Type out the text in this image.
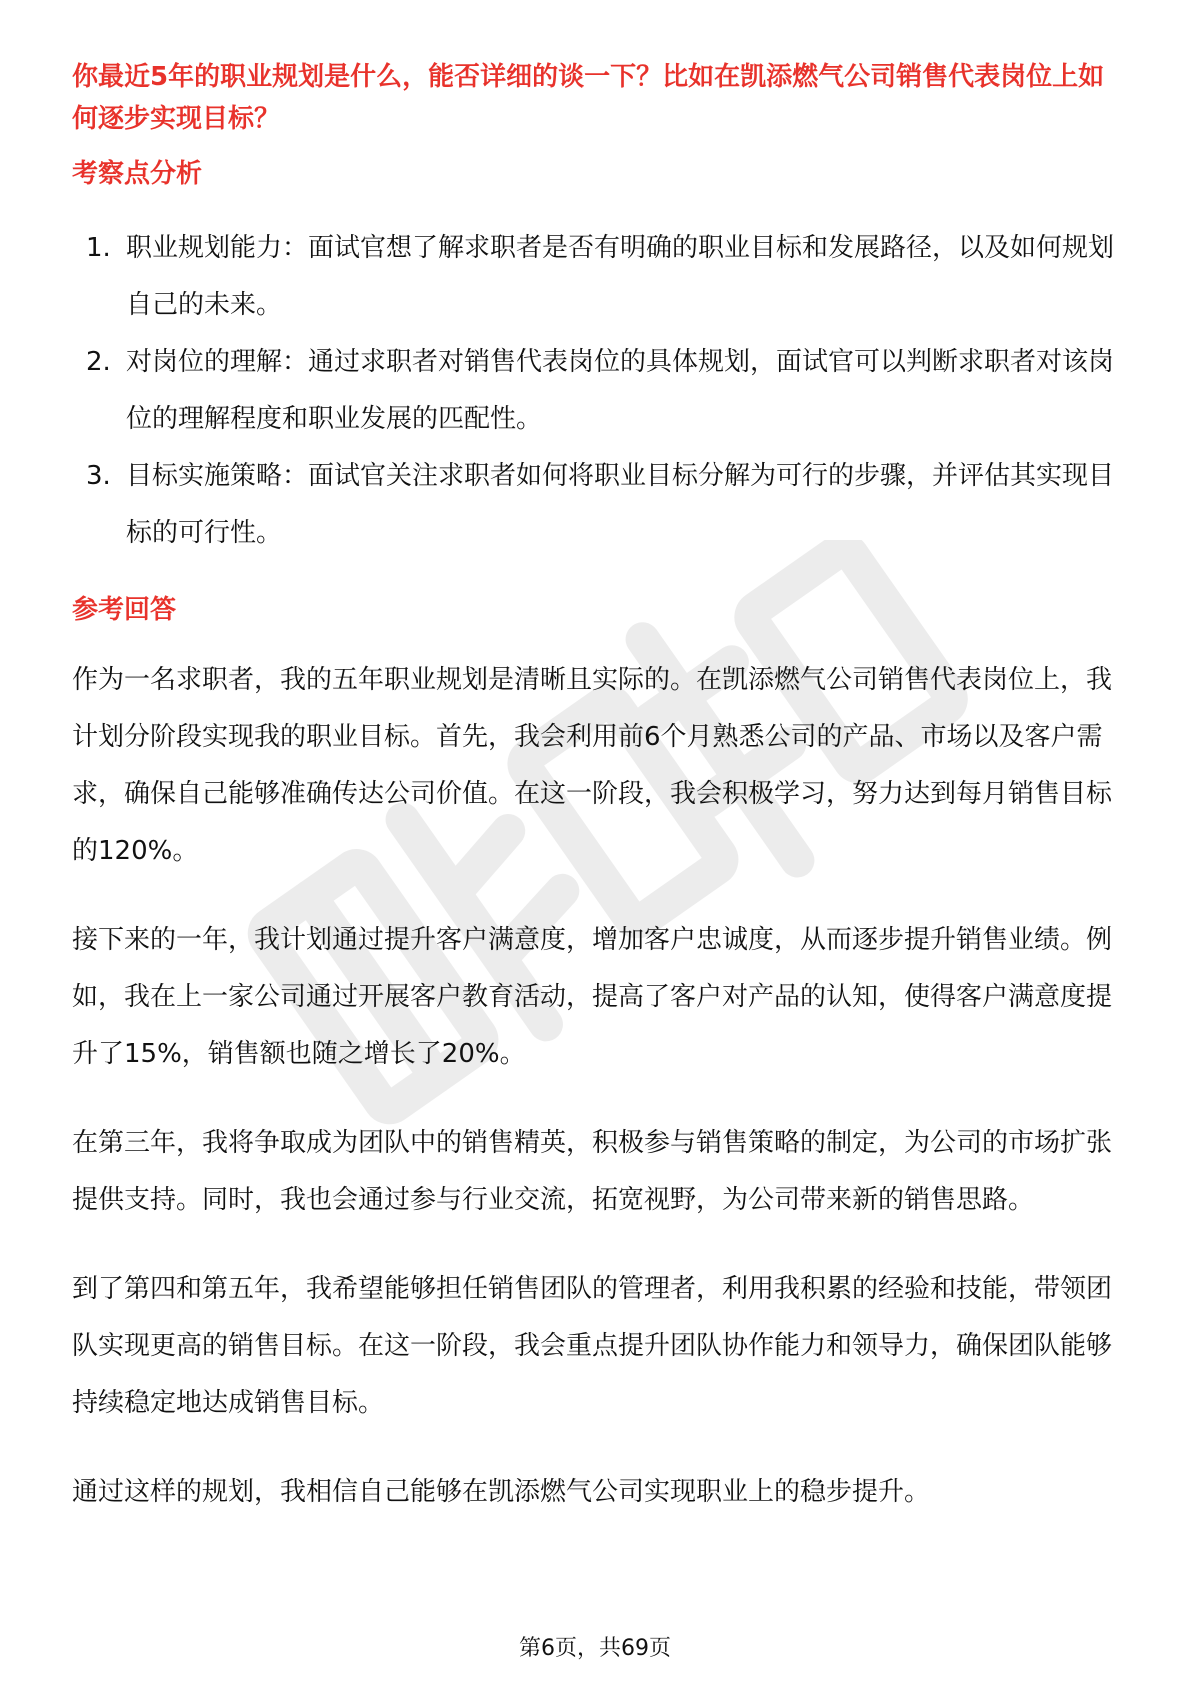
你最近5年的职业规划是什么，能否详细的谈一下？比如在凯添燃气公司销售代表岗位上如何逐步实现目标？
考察点分析
1. 职业规划能力：面试官想了解求职者是否有明确的职业目标和发展路径，以及如何规划自己的未来。
2. 对岗位的理解：通过求职者对销售代表岗位的具体规划，面试官可以判断求职者对该岗位的理解程度和职业发展的匹配性。
3. 目标实施策略：面试官关注求职者如何将职业目标分解为可行的步骤，并评估其实现目标的可行性。
参考回答

作为一名求职者，我的五年职业规划是清晰且实际的。在凯添燃气公司销售代表岗位上，我计划分阶段实现我的职业目标。首先，我会利用前6个月熟悉公司的产品、市场以及客户需求，确保自己能够准确传达公司价值。在这一阶段，我会积极学习，努力达到每月销售目标的120%。

接下来的一年，我计划通过提升客户满意度，增加客户忠诚度，从而逐步提升销售业绩。例如，我在上一家公司通过开展客户教育活动，提高了客户对产品的认知，使得客户满意度提升了15%，销售额也随之增长了20%。

在第三年，我将争取成为团队中的销售精英，积极参与销售策略的制定，为公司的市场扩张提供支持。同时，我也会通过参与行业交流，拓宽视野，为公司带来新的销售思路。

到了第四和第五年，我希望能够担任销售团队的管理者，利用我积累的经验和技能，带领团队实现更高的销售目标。在这一阶段，我会重点提升团队协作能力和领导力，确保团队能够持续稳定地达成销售目标。

通过这样的规划，我相信自己能够在凯添燃气公司实现职业上的稳步提升。

第6页，共69页
